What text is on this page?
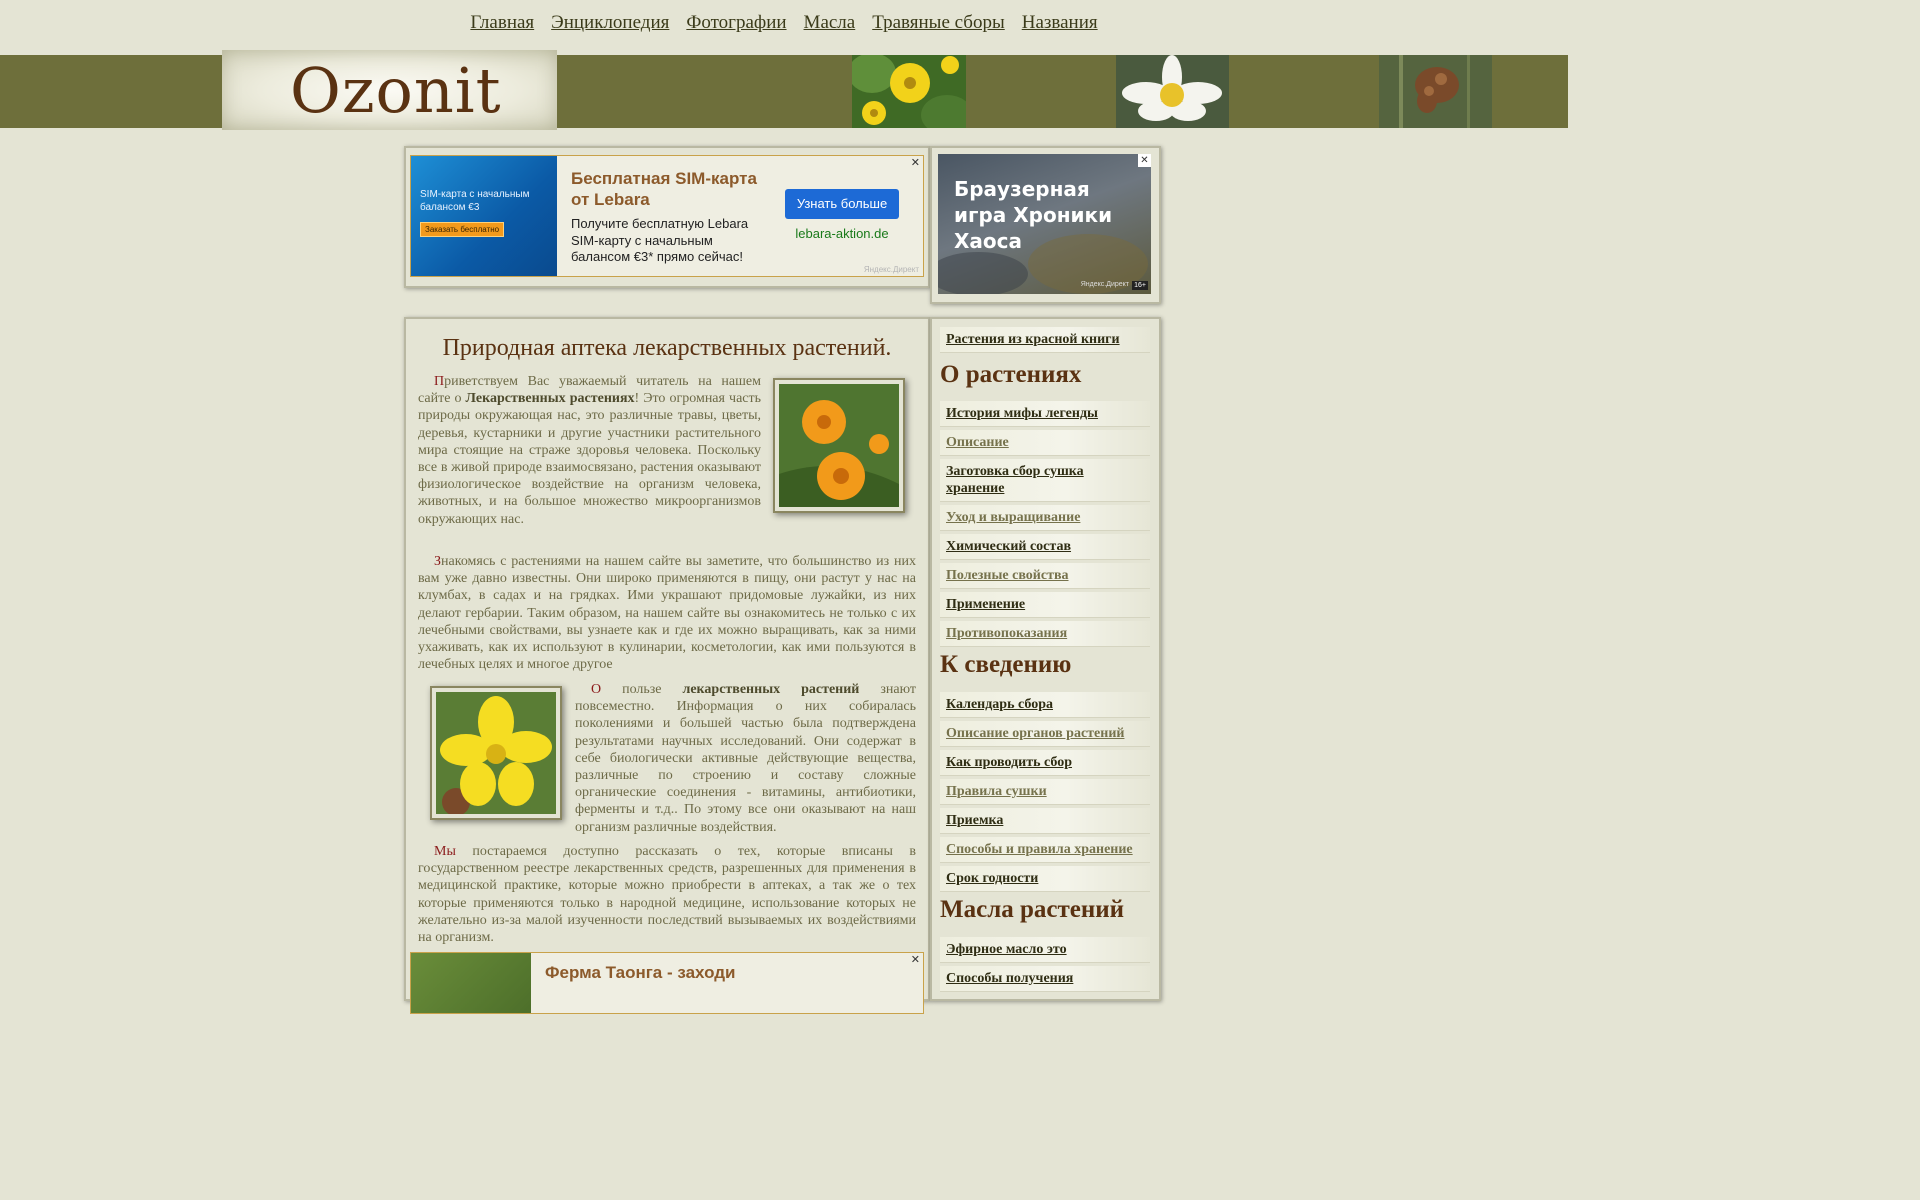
Главная Энциклопедия Фотографии Масла Травяные сборы Названия
Ozonit
SIM-карта с начальным балансом €3
Заказать бесплатно
Бесплатная SIM-карта от Lebara
Получите бесплатную Lebara SIM-карту с начальным балансом €3* прямо сейчас!
Узнать больше
lebara-aktion.de
Яндекс.Директ
✕
Браузерная игра Хроники Хаоса
Яндекс.Директ 16+
✕
Природная аптека лекарственных растений.

Приветствуем Вас уважаемый читатель на нашем сайте о Лекарственных растениях! Это огромная часть природы окружающая нас, это различные травы, цветы, деревья, кустарники и другие участники растительного мира стоящие на страже здоровья человека. Поскольку все в живой природе взаимосвязано, растения оказывают физиологическое воздействие на организм человека, животных, и на большое множество микроорганизмов окружающих нас.

Знакомясь с растениями на нашем сайте вы заметите, что большинство из них вам уже давно известны. Они широко применяются в пищу, они растут у нас на клумбах, в садах и на грядках. Ими украшают придомовые лужайки, из них делают гербарии. Таким образом, на нашем сайте вы ознакомитесь не только с их лечебными свойствами, вы узнаете как и где их можно выращивать, как за ними ухаживать, как их используют в кулинарии, косметологии, как ими пользуются в лечебных целях и многое другое

О пользе лекарственных растений знают повсеместно. Информация о них собиралась поколениями и большей частью была подтверждена результатами научных исследований. Они содержат в себе биологически активные действующие вещества, различные по строению и составу сложные органические соединения - витамины, антибиотики, ферменты и т.д.. По этому все они оказывают на наш организм различные воздействия.

Мы постараемся доступно рассказать о тех, которые вписаны в государственном реестре лекарственных средств, разрешенных для применения в медицинской практике, которые можно приобрести в аптеках, а так же о тех которые применяются только в народной медицине, использование которых не желательно из-за малой изученности последствий вызываемых их воздействиями на организм.

Ферма Таонга - заходи
✕
Растения из красной книги
О растениях
История мифы легенды
Описание
Заготовка сбор сушка хранение
Уход и выращивание
Химический состав
Полезные свойства
Применение
Противопоказания
К сведению
Календарь сбора
Описание органов растений
Как проводить сбор
Правила сушки
Приемка
Способы и правила хранение
Срок годности
Масла растений
Эфирное масло это
Способы получения
